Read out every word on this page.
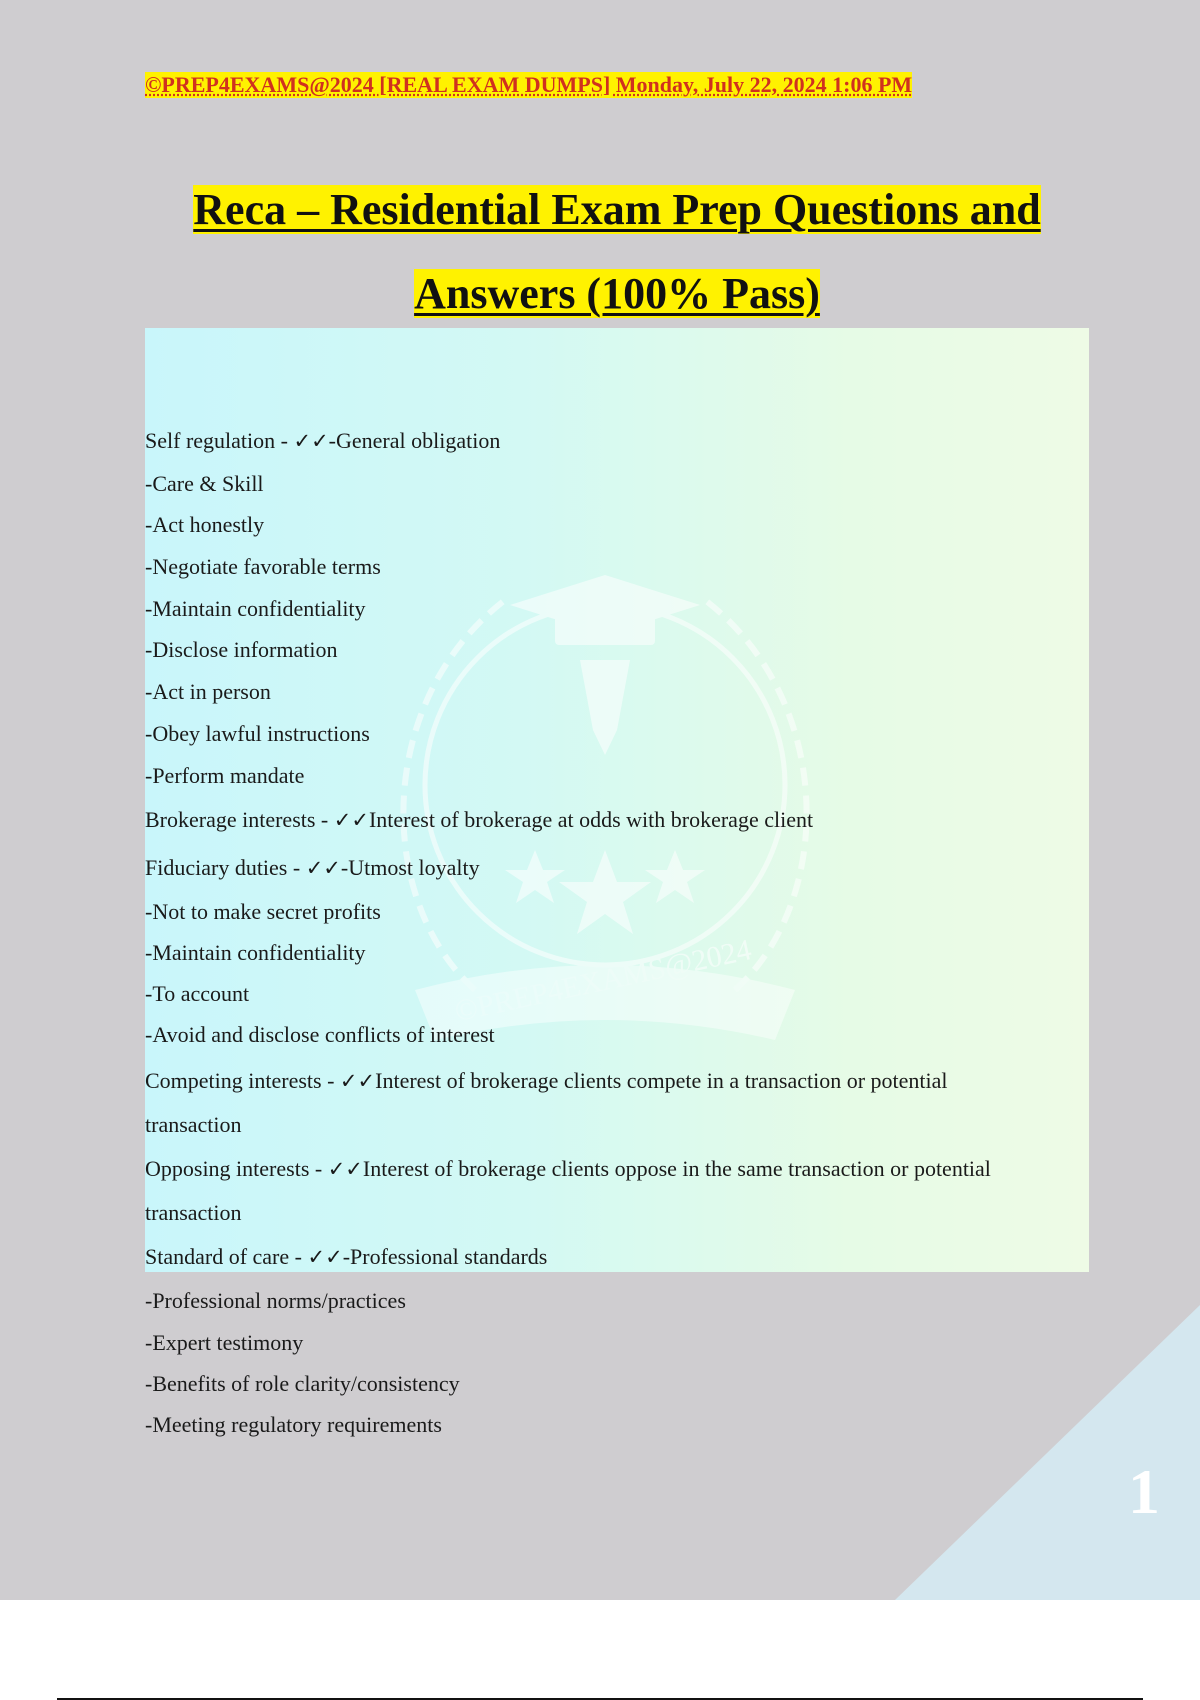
©PREP4EXAMS@2024 [REAL EXAM DUMPS] Monday, July 22, 2024 1:06 PM
Reca – Residential Exam Prep Questions and
Answers (100% Pass)
©PREP4EXAMS@2024
Self regulation - ✓✓-General obligation
-Care & Skill
-Act honestly
-Negotiate favorable terms
-Maintain confidentiality
-Disclose information
-Act in person
-Obey lawful instructions
-Perform mandate
Brokerage interests - ✓✓Interest of brokerage at odds with brokerage client
Fiduciary duties - ✓✓-Utmost loyalty
-Not to make secret profits
-Maintain confidentiality
-To account
-Avoid and disclose conflicts of interest
Competing interests - ✓✓Interest of brokerage clients compete in a transaction or potential
transaction
Opposing interests - ✓✓Interest of brokerage clients oppose in the same transaction or potential
transaction
Standard of care - ✓✓-Professional standards
-Professional norms/practices
-Expert testimony
-Benefits of role clarity/consistency
-Meeting regulatory requirements
1
